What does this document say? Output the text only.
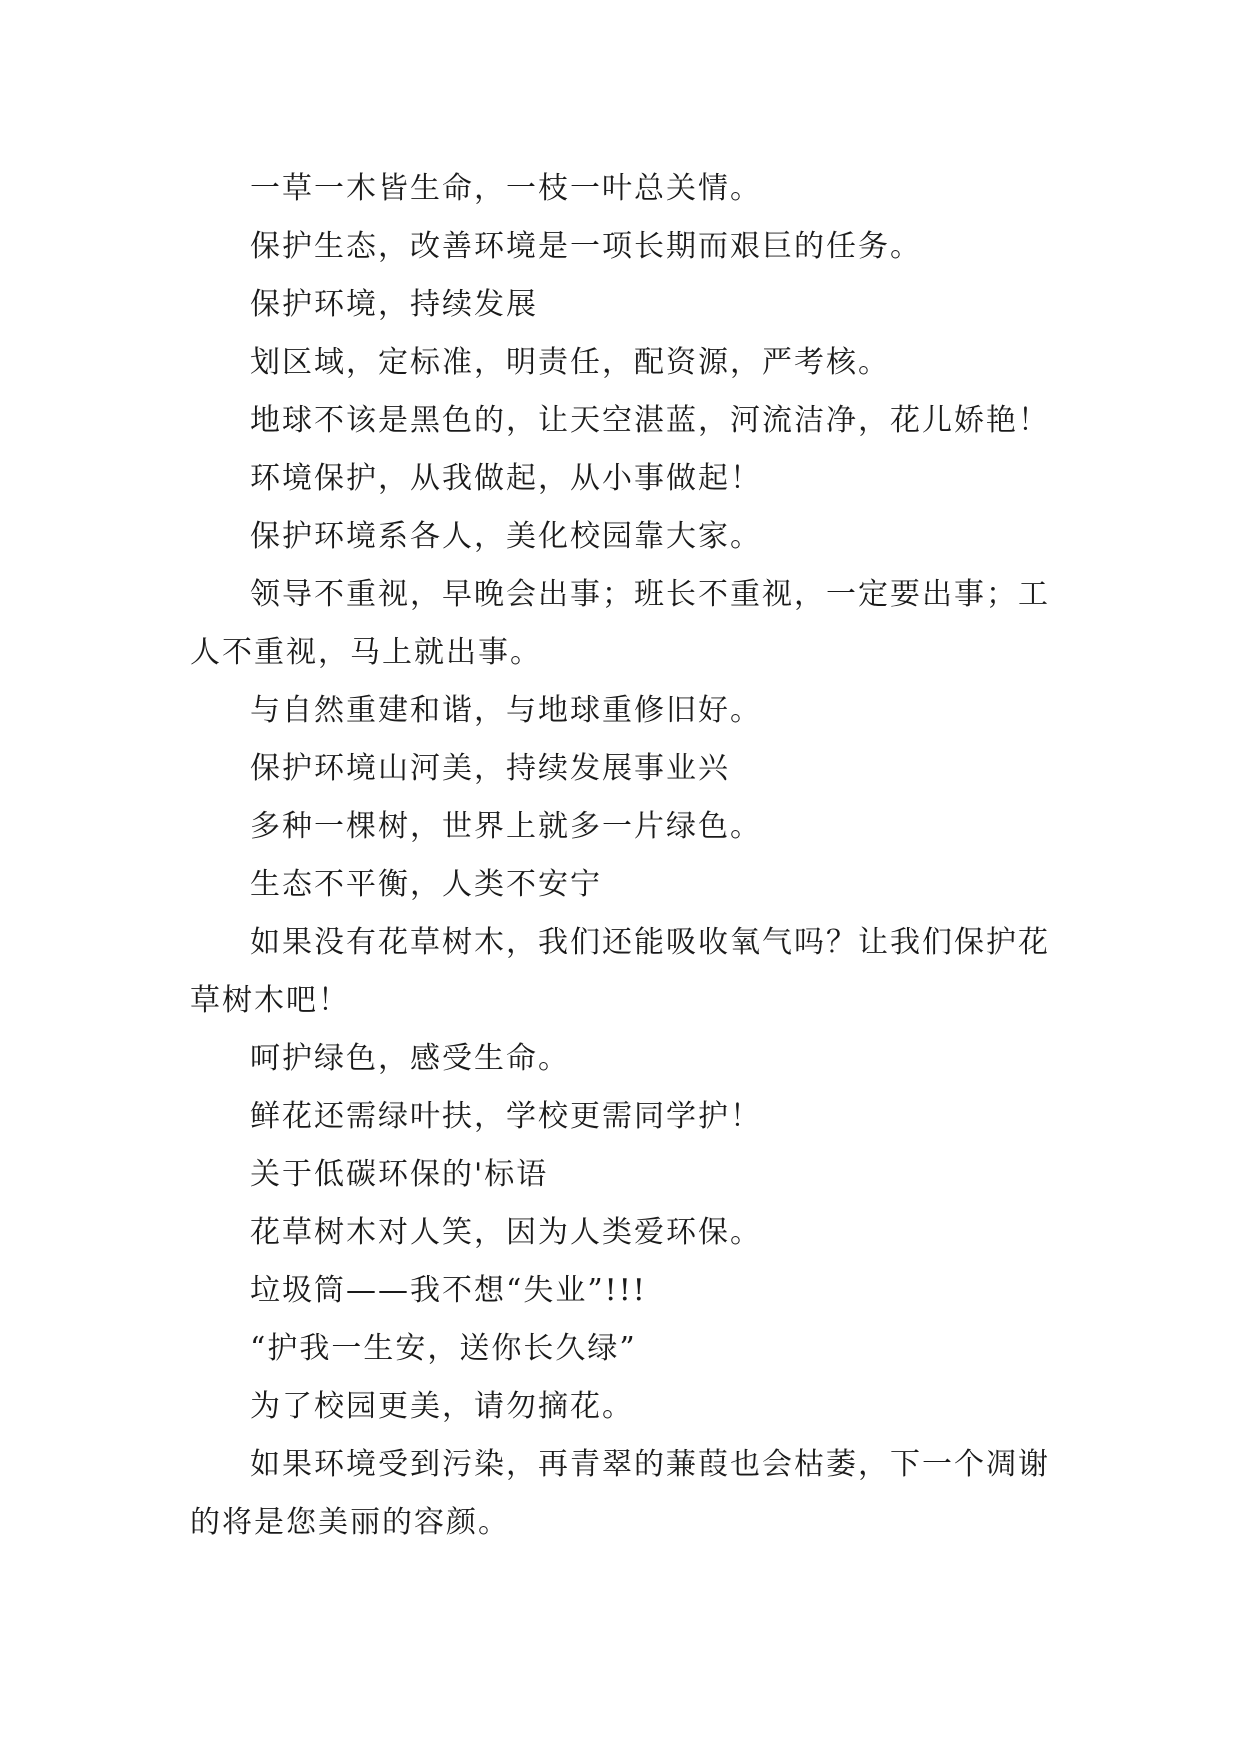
一草一木皆生命，一枝一叶总关情。

保护生态，改善环境是一项长期而艰巨的任务。

保护环境，持续发展

划区域，定标准，明责任，配资源，严考核。

地球不该是黑色的，让天空湛蓝，河流洁净，花儿娇艳！

环境保护，从我做起，从小事做起！

保护环境系各人，美化校园靠大家。

领导不重视，早晚会出事；班长不重视，一定要出事；工人不重视，马上就出事。

与自然重建和谐，与地球重修旧好。

保护环境山河美，持续发展事业兴

多种一棵树，世界上就多一片绿色。

生态不平衡，人类不安宁

如果没有花草树木，我们还能吸收氧气吗？让我们保护花草树木吧！

呵护绿色，感受生命。

鲜花还需绿叶扶，学校更需同学护！

关于低碳环保的'标语

花草树木对人笑，因为人类爱环保。

垃圾筒——我不想“失业”!!!

“护我一生安，送你长久绿”

为了校园更美，请勿摘花。

如果环境受到污染，再青翠的蒹葭也会枯萎，下一个凋谢的将是您美丽的容颜。
